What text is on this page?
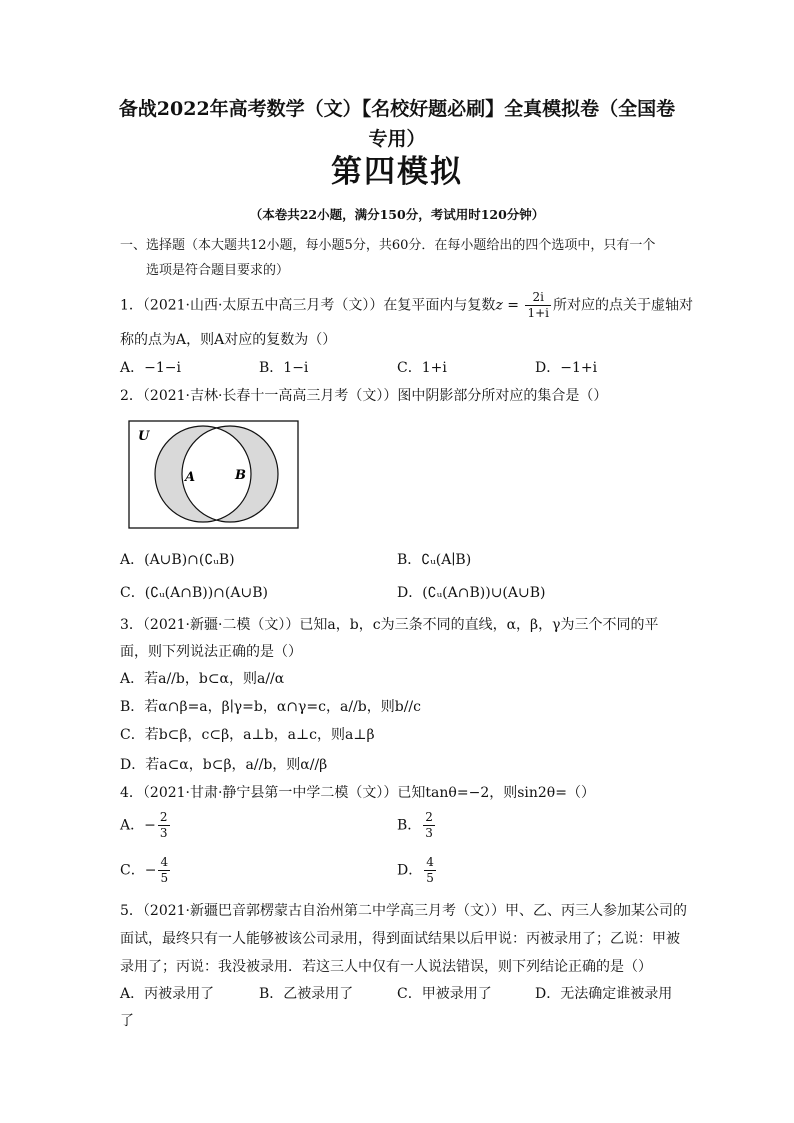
备战2022年高考数学（文）【名校好题必刷】全真模拟卷（全国卷专用）
第四模拟
（本卷共22小题，满分150分，考试用时120分钟）
一、选择题（本大题共12小题，每小题5分，共60分．在每小题给出的四个选项中，只有一个
选项是符合题目要求的）
1．（2021·山西·太原五中高三月考（文））在复平面内与复数$z = \frac{2i}{1+i}$ 所对应的点关于虚轴对
称的点为A，则A对应的复数为（）
A．−1−i	B．1−i	C．1+i	D．−1+i
2．（2021·吉林·长春十一高高三月考（文））图中阴影部分所对应的集合是（）
U
A	B
A．(A∪B)∩(∁ᵤB)	B．∁ᵤ(A∣B)
C．(∁ᵤ(A∩B))∩(A∪B)	D．(∁ᵤ(A∩B))∪(A∪B)
3．（2021·新疆·二模（文））已知a，b，c为三条不同的直线，α，β，γ为三个不同的平
面，则下列说法正确的是（）
A．若a//b，b⊂α，则a//α
B．若α∩β=a，β∣γ=b，α∩γ=c，a//b，则b//c
C．若b⊂β，c⊂β，a⊥b，a⊥c，则a⊥β
D．若a⊂α，b⊂β，a//b，则α//β
4．（2021·甘肃·静宁县第一中学二模（文））已知tanθ=−2，则sin2θ=（）
A．− $\frac{2}{3}$	B． $\frac{2}{3}$
C．− $\frac{4}{5}$	D． $\frac{4}{5}$
5．（2021·新疆巴音郭楞蒙古自治州第二中学高三月考（文））甲、乙、丙三人参加某公司的
面试，最终只有一人能够被该公司录用，得到面试结果以后甲说：丙被录用了；乙说：甲被
录用了；丙说：我没被录用．若这三人中仅有一人说法错误，则下列结论正确的是（）
A．丙被录用了	B．乙被录用了	C．甲被录用了	D．无法确定谁被录用
了
